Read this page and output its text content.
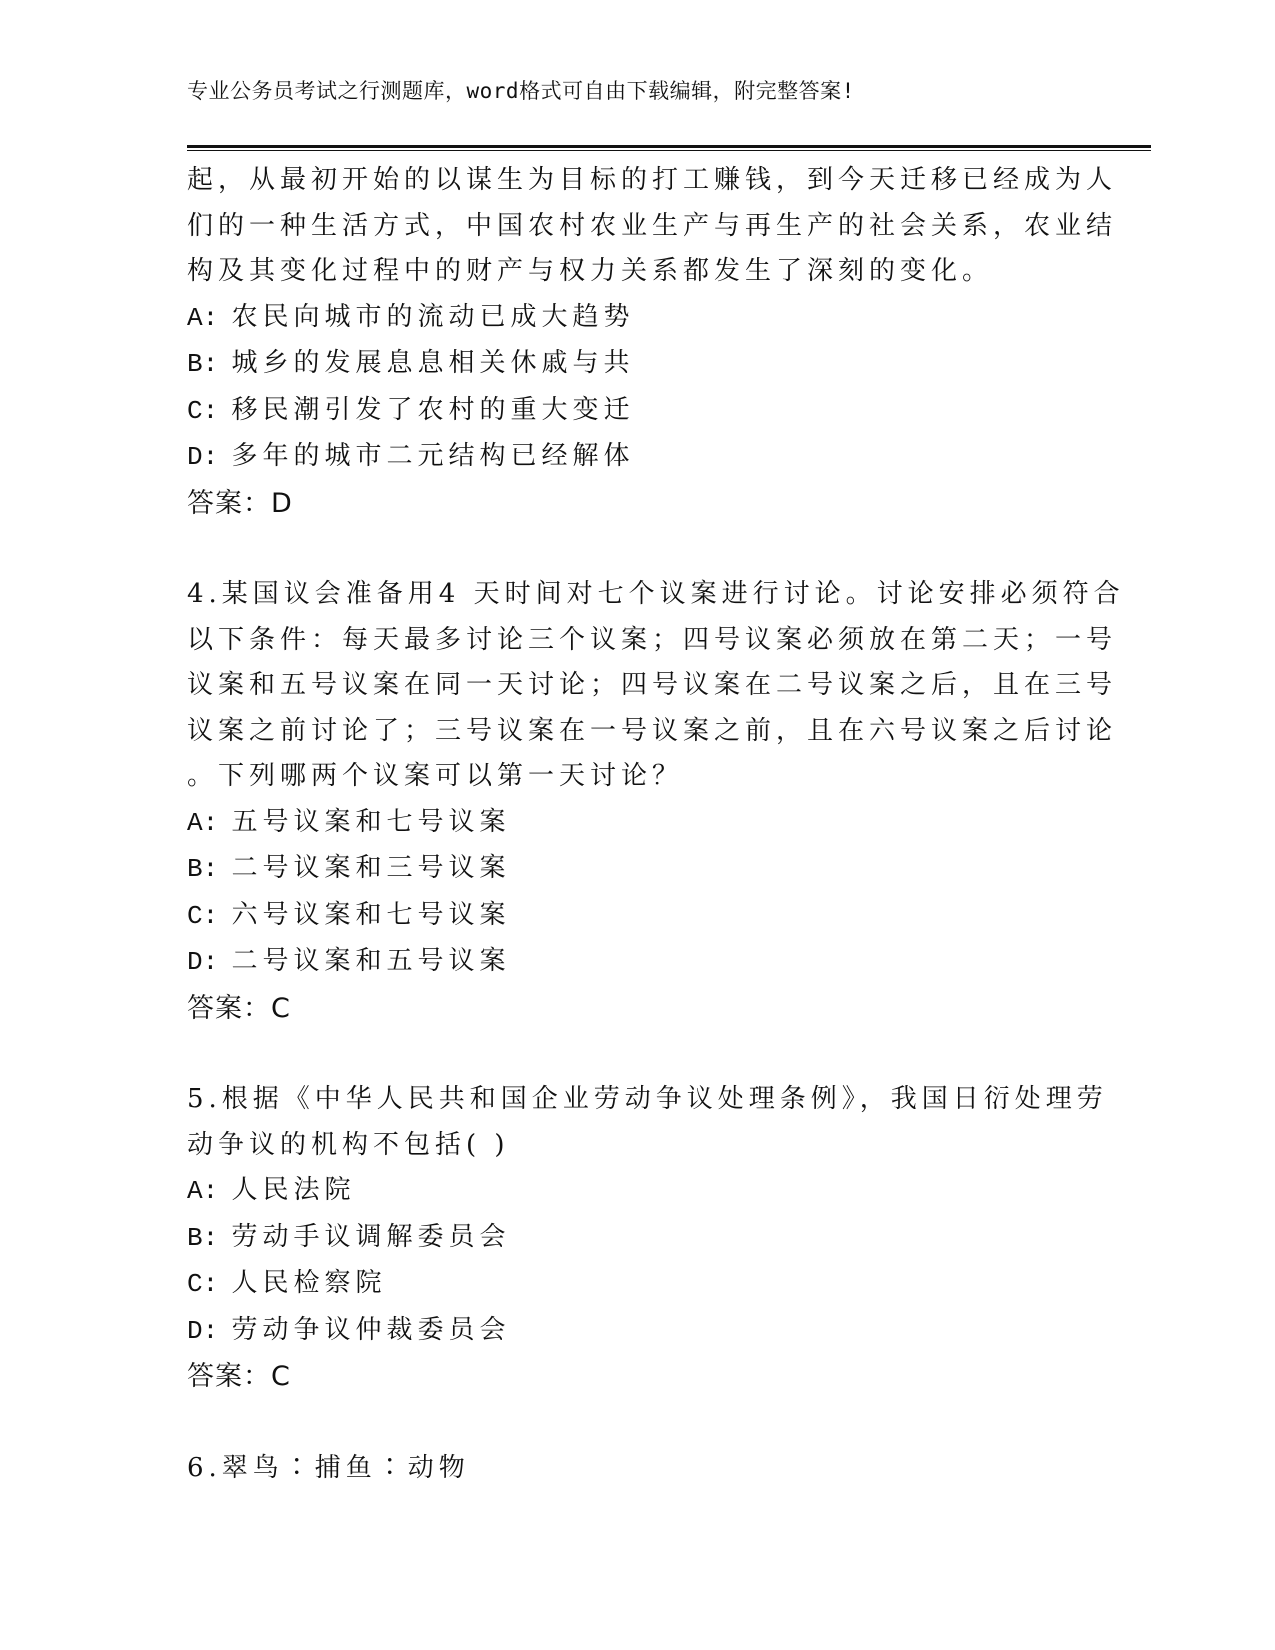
专业公务员考试之行测题库，word格式可自由下载编辑，附完整答案!

起，从最初开始的以谋生为目标的打工赚钱，到今天迁移已经成为人

们的一种生活方式，中国农村农业生产与再生产的社会关系，农业结

构及其变化过程中的财产与权力关系都发生了深刻的变化。

A: 农民向城市的流动已成大趋势

B: 城乡的发展息息相关休戚与共

C: 移民潮引发了农村的重大变迁

D: 多年的城市二元结构已经解体

答案：D

4.某国议会准备用4 天时间对七个议案进行讨论。讨论安排必须符合

以下条件：每天最多讨论三个议案；四号议案必须放在第二天；一号

议案和五号议案在同一天讨论；四号议案在二号议案之后，且在三号

议案之前讨论了；三号议案在一号议案之前，且在六号议案之后讨论

。下列哪两个议案可以第一天讨论？

A: 五号议案和七号议案

B: 二号议案和三号议案

C: 六号议案和七号议案

D: 二号议案和五号议案

答案：C

5.根据《中华人民共和国企业劳动争议处理条例》，我国日衍处理劳

动争议的机构不包括( )

A: 人民法院

B: 劳动手议调解委员会

C: 人民检察院

D: 劳动争议仲裁委员会

答案：C

6.翠鸟∶捕鱼∶动物
